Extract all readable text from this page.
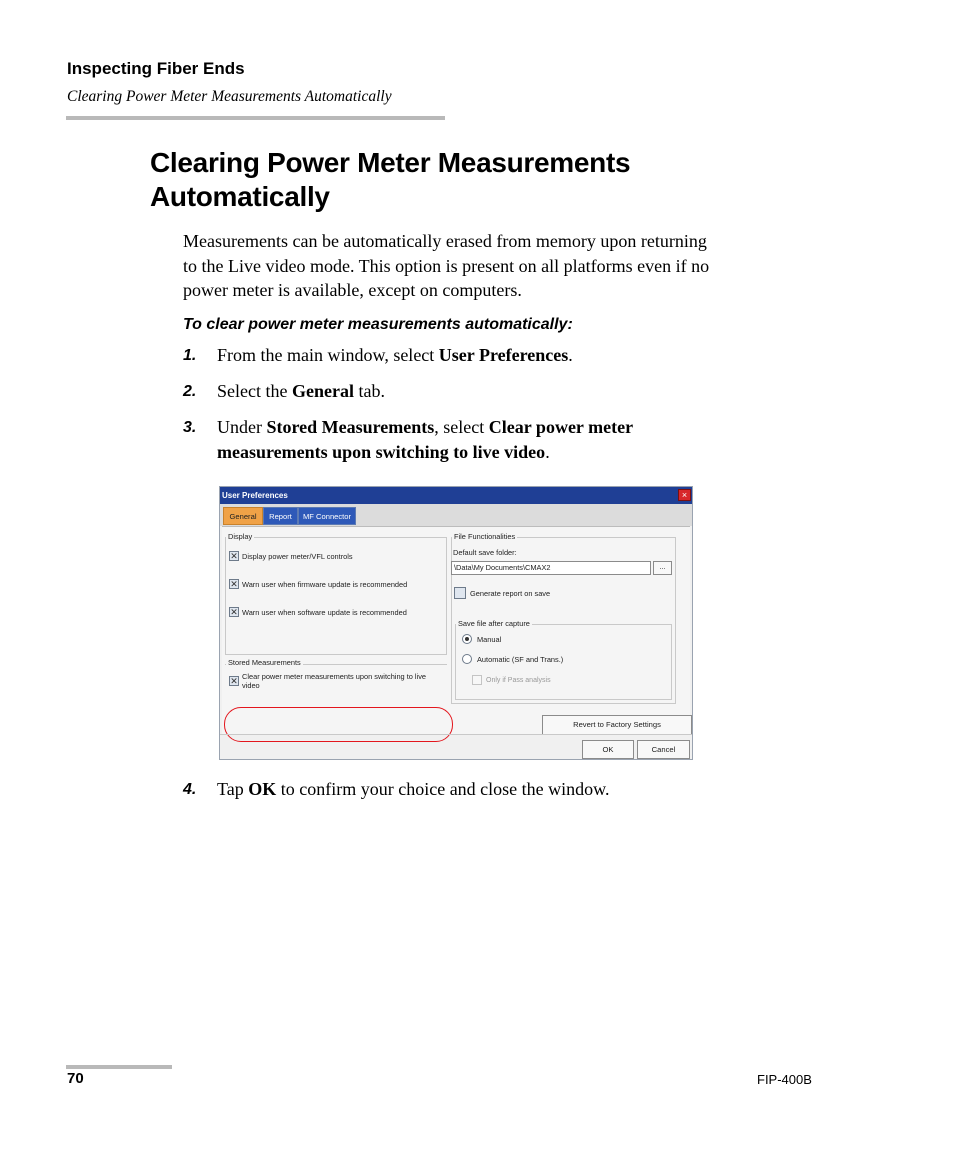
Inspecting Fiber Ends
Clearing Power Meter Measurements Automatically
Clearing Power Meter Measurements Automatically
Measurements can be automatically erased from memory upon returning
to the Live video mode. This option is present on all platforms even if no
power meter is available, except on computers.
To clear power meter measurements automatically:
1. From the main window, select User Preferences.
2. Select the General tab.
3. Under Stored Measurements, select Clear power meter
measurements upon switching to live video.
User Preferences	×
General	Report	MF Connector
Display
✕ Display power meter/VFL controls
✕ Warn user when firmware update is recommended
✕ Warn user when software update is recommended
Stored Measurements
✕ Clear power meter measurements upon switching to live
video
File Functionalities
Default save folder:
\Data\My Documents\CMAX2	...
Generate report on save
Save file after capture
Manual
Automatic (SF and Trans.)
Only if Pass analysis
Revert to Factory Settings
OK	Cancel
4. Tap OK to confirm your choice and close the window.
70	FIP-400B
